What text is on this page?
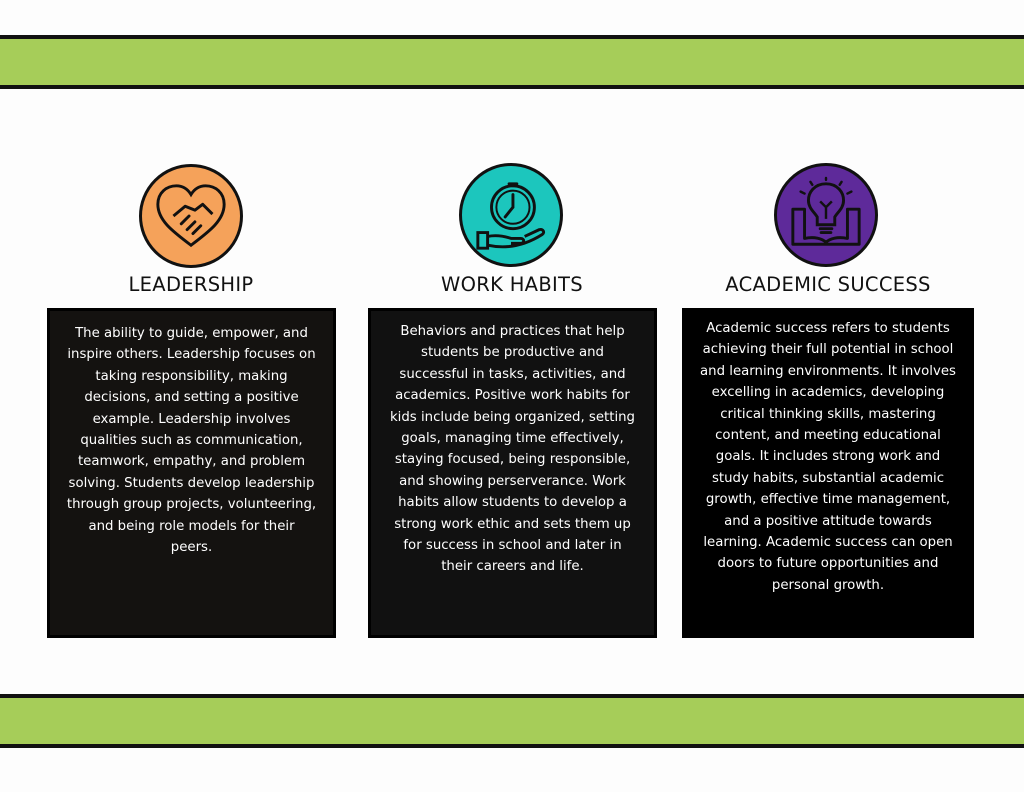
LEADERSHIP
The ability to guide, empower, and inspire others. Leadership focuses on taking responsibility, making decisions, and setting a positive example. Leadership involves qualities such as communication, teamwork, empathy, and problem solving. Students develop leadership through group projects, volunteering, and being role models for their peers.
WORK HABITS
Behaviors and practices that help students be productive and successful in tasks, activities, and academics. Positive work habits for kids include being organized, setting goals, managing time effectively, staying focused, being responsible, and showing perserverance. Work habits allow students to develop a strong work ethic and sets them up for success in school and later in their careers and life.
ACADEMIC SUCCESS
Academic success refers to students achieving their full potential in school and learning environments. It involves excelling in academics, developing critical thinking skills, mastering content, and meeting educational goals. It includes strong work and study habits, substantial academic growth, effective time management, and a positive attitude towards learning. Academic success can open doors to future opportunities and personal growth.
